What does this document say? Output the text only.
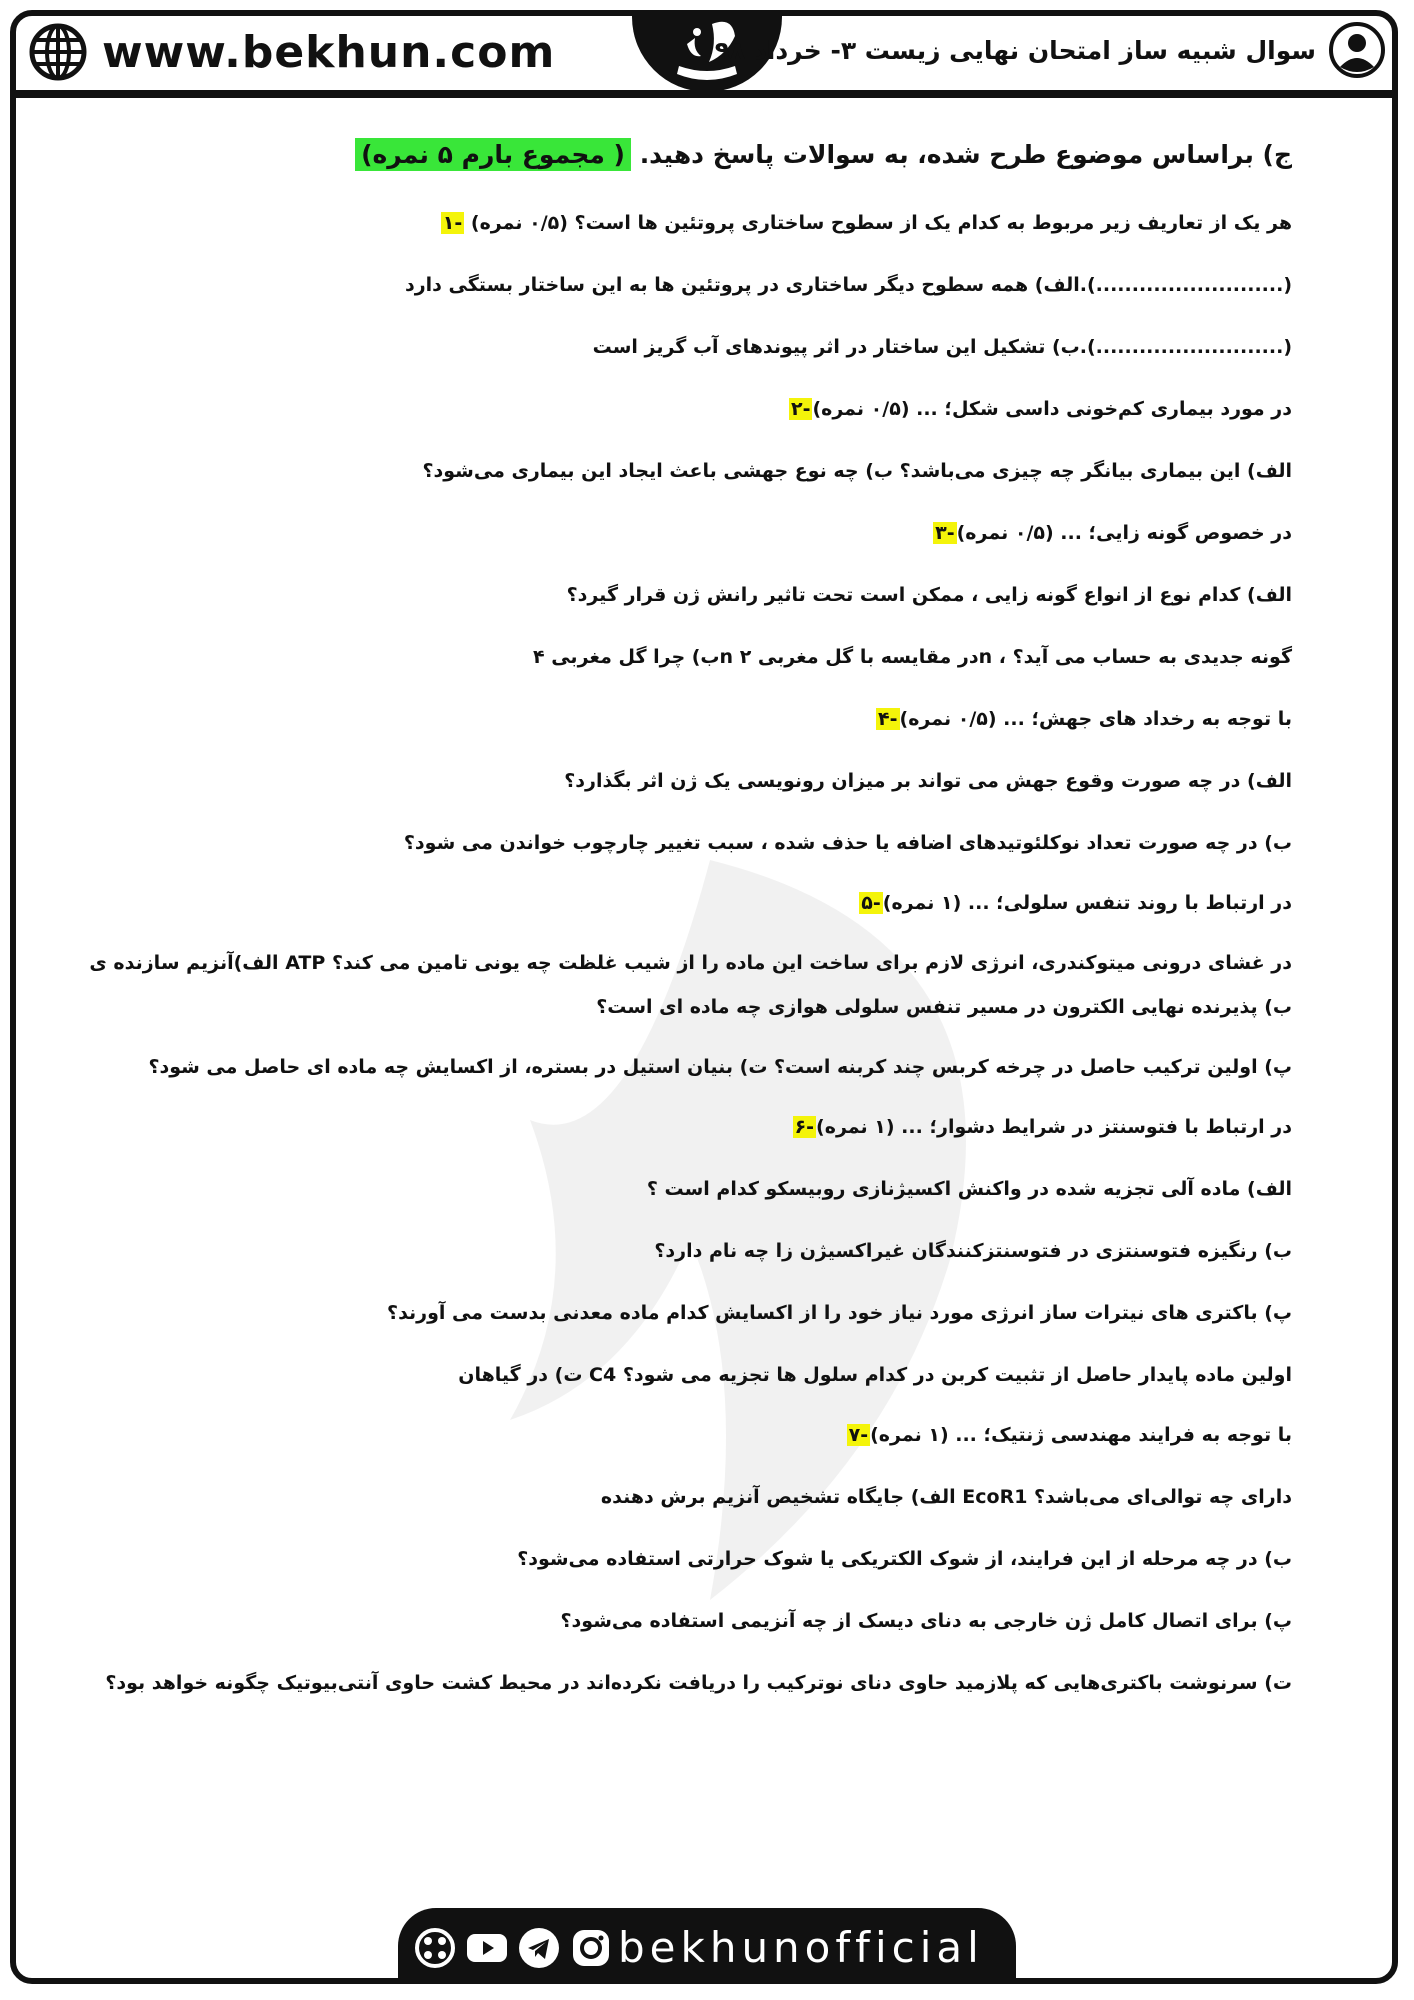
www.bekhun.com	سوال شبیه ساز امتحان نهایی زیست ۳- خرداد ۹۸
ج) براساس موضوع طرح شده، به سوالات پاسخ دهید. ( مجموع بارم ۵ نمره)
۱- هر یک از تعاریف زیر مربوط به کدام یک از سطوح ساختاری پروتئین ها است؟ (۰/۵ نمره)
الف) همه سطوح دیگر ساختاری در پروتئین ها به این ساختار بستگی دارد.(..........................)
ب) تشکیل این ساختار در اثر پیوندهای آب گریز است.(..........................)
۲- در مورد بیماری کم‌خونی داسی شکل؛ ... (۰/۵ نمره)
الف) این بیماری بیانگر چه چیزی می‌باشد؟ ب) چه نوع جهشی باعث ایجاد این بیماری می‌شود؟
۳- در خصوص گونه زایی؛ ... (۰/۵ نمره)
الف) کدام نوع از انواع گونه زایی ، ممکن است تحت تاثیر رانش ژن قرار گیرد؟
ب) چرا گل مغربی ۴n در مقایسه با گل مغربی ۲n ، گونه جدیدی به حساب می آید؟
۴- با توجه به رخداد های جهش؛ ... (۰/۵ نمره)
الف) در چه صورت وقوع جهش می تواند بر میزان رونویسی یک ژن اثر بگذارد؟
ب) در چه صورت تعداد نوکلئوتیدهای اضافه یا حذف شده ، سبب تغییر چارچوب خواندن می شود؟
۵- در ارتباط با روند تنفس سلولی؛ ... (۱ نمره)
الف)آنزیم سازنده ی ATP در غشای درونی میتوکندری، انرژی لازم برای ساخت این ماده را از شیب غلظت چه یونی تامین می کند؟
ب) پذیرنده نهایی الکترون در مسیر تنفس سلولی هوازی چه ماده ای است؟
پ) اولین ترکیب حاصل در چرخه کربس چند کربنه است؟ ت) بنیان استیل در بستره، از اکسایش چه ماده ای حاصل می شود؟
۶- در ارتباط با فتوسنتز در شرایط دشوار؛ ... (۱ نمره)
الف) ماده آلی تجزیه شده در واکنش اکسیژنازی روبیسکو کدام است ؟
ب) رنگیزه فتوسنتزی در فتوسنتزکنندگان غیراکسیژن زا چه نام دارد؟
پ) باکتری های نیترات ساز انرژی مورد نیاز خود را از اکسایش کدام ماده معدنی بدست می آورند؟
ت) در گیاهان C4 اولین ماده پایدار حاصل از تثبیت کربن در کدام سلول ها تجزیه می شود؟
۷- با توجه به فرایند مهندسی ژنتیک؛ ... (۱ نمره)
الف) جایگاه تشخیص آنزیم برش دهنده EcoR1 دارای چه توالی‌ای می‌باشد؟
ب) در چه مرحله از این فرایند، از شوک الکتریکی یا شوک حرارتی استفاده می‌شود؟
پ) برای اتصال کامل ژن خارجی به دنای دیسک از چه آنزیمی استفاده می‌شود؟
ت) سرنوشت باکتری‌هایی که پلازمید حاوی دنای نوترکیب را دریافت نکرده‌اند در محیط کشت حاوی آنتی‌بیوتیک چگونه خواهد بود؟
bekhunofficial
